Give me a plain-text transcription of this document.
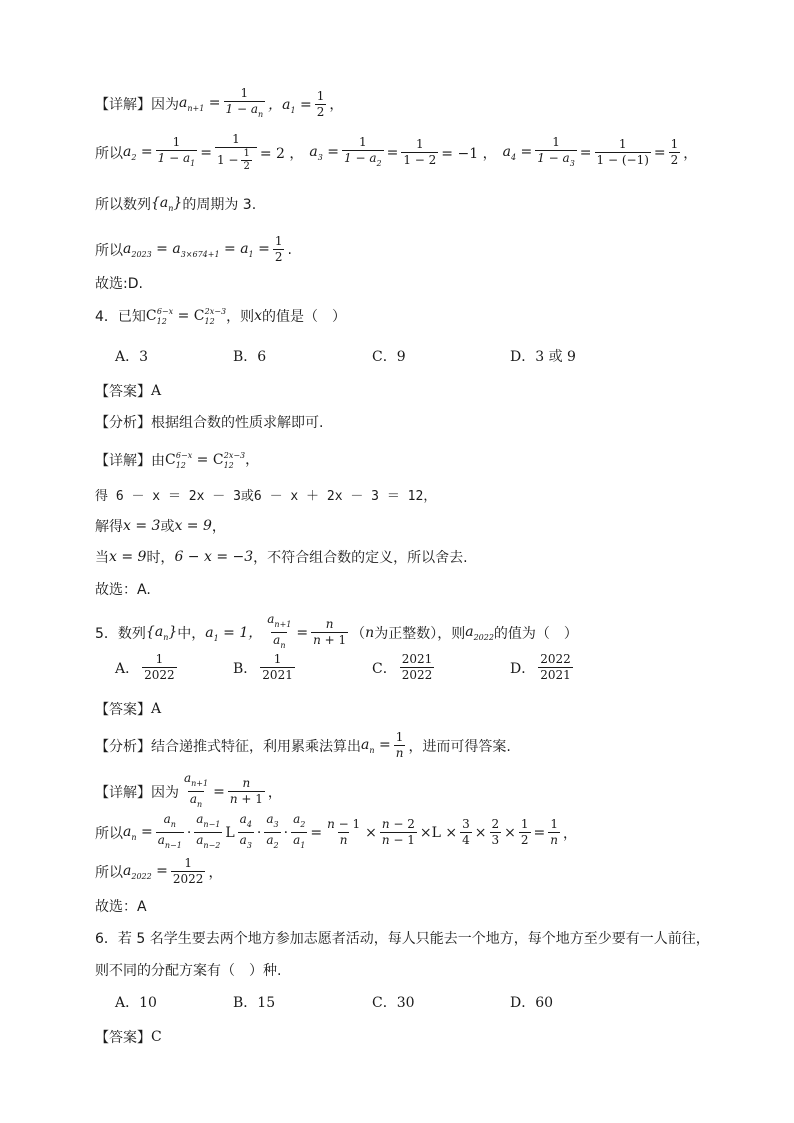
【详解】 因为 $a_{n+1} = \frac{1}{1 - a_n}$ ，$a_1 = \frac{1}{2}$ ，
所以 $a_2 = \frac{1}{1 - a_1} = \frac{1}{1 - \frac{1}{2}} = 2$ ， $a_3 = \frac{1}{1 - a_2} = \frac{1}{1 - 2} = -1$ ， $a_4 = \frac{1}{1 - a_3} = \frac{1}{1 - (-1)} = \frac{1}{2}$ ，
所以数列 $\{a_n\}$ 的周期为 3.
所以 $a_{2023} = a_{3\times 674+1} = a_1 = \frac{1}{2}$ .
故选:D.
4． 已知 $C_{12}^{6-x} = C_{12}^{2x-3}$ ，则 x 的值是（　）
A．3	B．6	C．9	D．3 或 9
【答案】 A
【分析】 根据组合数的性质求解即可.
【详解】 由 $C_{12}^{6-x} = C_{12}^{2x-3}$，
得 6 － x ＝ 2x － 3或6 － x ＋ 2x － 3 ＝ 12，
解得 x = 3 或 x = 9 ，
当 x = 9 时， 6 − x = −3 ，不符合组合数的定义，所以舍去.
故选：A.
5． 数列 $\{a_n\}$ 中， $a_1 = 1$， $\frac{a_{n+1}}{a_n} = \frac{n}{n + 1}$ （ n 为正整数），则 $a_{2022}$ 的值为（　）
A． $\frac{1}{2022}$	B． $\frac{1}{2021}$	C． $\frac{2021}{2022}$	D． $\frac{2022}{2021}$
【答案】 A
【分析】 结合递推式特征，利用累乘法算出 $a_n = \frac{1}{n}$ ，进而可得答案.
【详解】 因为 $\frac{a_{n+1}}{a_n} = \frac{n}{n + 1}$ ，
所以 $a_n = \frac{a_n}{a_{n-1}} \cdot \frac{a_{n-1}}{a_{n-2}}$ L $\frac{a_4}{a_3} \cdot \frac{a_3}{a_2} \cdot \frac{a_2}{a_1} = \frac{n - 1}{n} \times \frac{n - 2}{n - 1} \times L \times \frac{3}{4} \times \frac{2}{3} \times \frac{1}{2} = \frac{1}{n}$ ，
所以 $a_{2022} = \frac{1}{2022}$ ，
故选：A
6． 若 5 名学生要去两个地方参加志愿者活动，每人只能去一个地方，每个地方至少要有一人前往，
则不同的分配方案有（　）种.
A．10	B．15	C．30	D．60
【答案】 C
